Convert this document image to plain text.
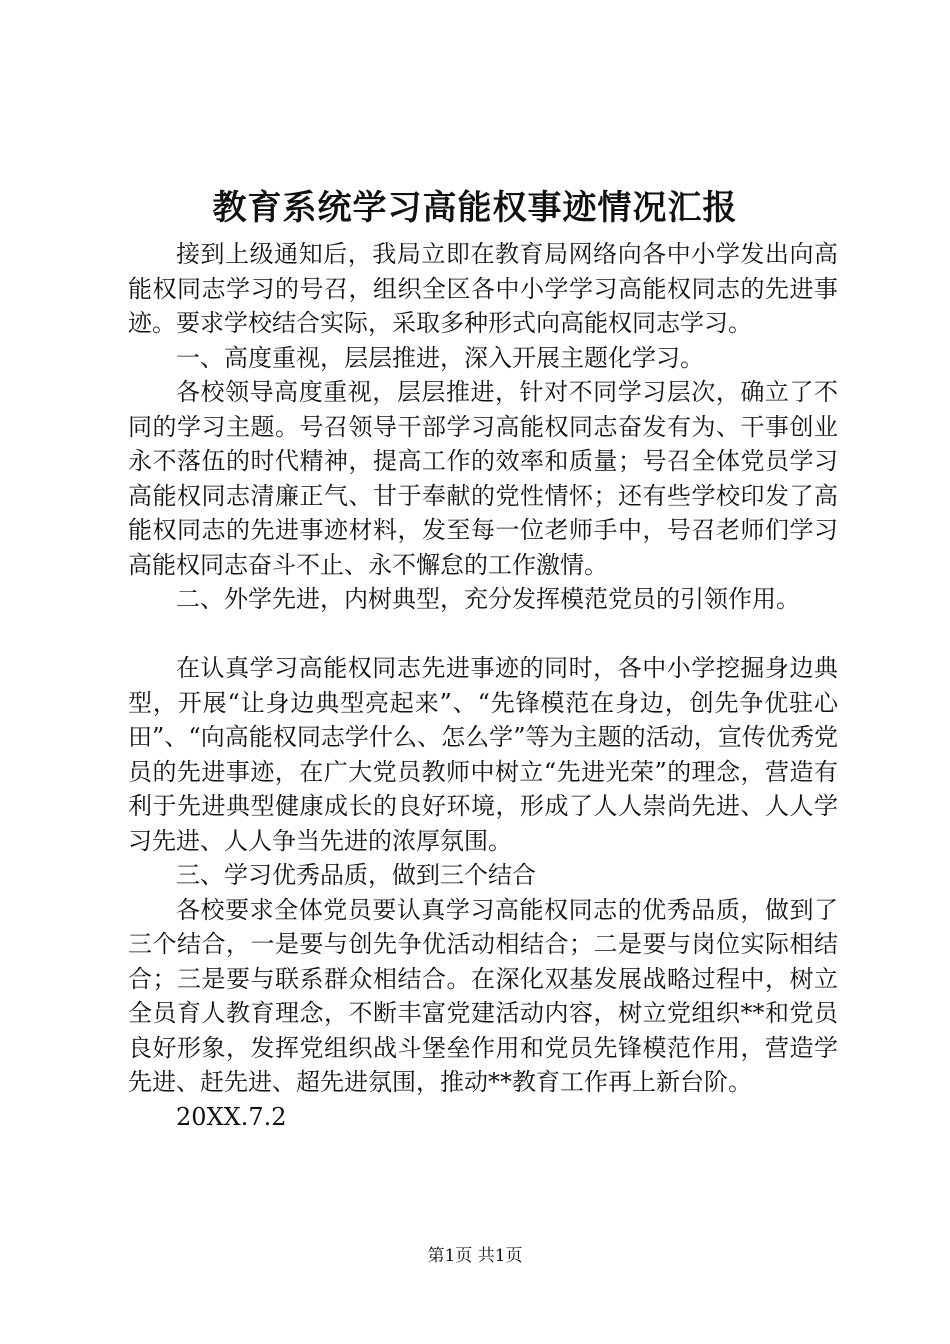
教育系统学习高能权事迹情况汇报

接到上级通知后，我局立即在教育局网络向各中小学发出向高能权同志学习的号召，组织全区各中小学学习高能权同志的先进事迹。要求学校结合实际，采取多种形式向高能权同志学习。

一、高度重视，层层推进，深入开展主题化学习。

各校领导高度重视，层层推进，针对不同学习层次，确立了不同的学习主题。号召领导干部学习高能权同志奋发有为、干事创业永不落伍的时代精神，提高工作的效率和质量；号召全体党员学习高能权同志清廉正气、甘于奉献的党性情怀；还有些学校印发了高能权同志的先进事迹材料，发至每一位老师手中，号召老师们学习高能权同志奋斗不止、永不懈怠的工作激情。

二、外学先进，内树典型，充分发挥模范党员的引领作用。

在认真学习高能权同志先进事迹的同时，各中小学挖掘身边典型，开展“让身边典型亮起来”、“先锋模范在身边，创先争优驻心田”、“向高能权同志学什么、怎么学”等为主题的活动，宣传优秀党员的先进事迹，在广大党员教师中树立“先进光荣”的理念，营造有利于先进典型健康成长的良好环境，形成了人人崇尚先进、人人学习先进、人人争当先进的浓厚氛围。

三、学习优秀品质，做到三个结合

各校要求全体党员要认真学习高能权同志的优秀品质，做到了三个结合，一是要与创先争优活动相结合；二是要与岗位实际相结合；三是要与联系群众相结合。在深化双基发展战略过程中，树立全员育人教育理念，不断丰富党建活动内容，树立党组织**和党员良好形象，发挥党组织战斗堡垒作用和党员先锋模范作用，营造学先进、赶先进、超先进氛围，推动**教育工作再上新台阶。

20XX.7.2

第1页 共1页
